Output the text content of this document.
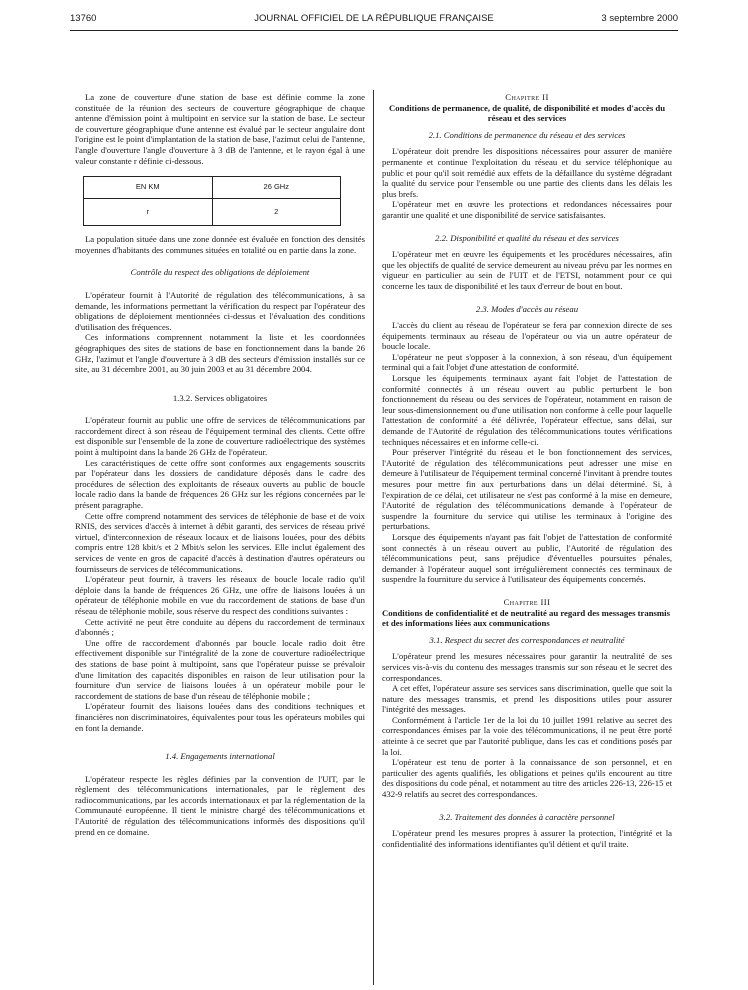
13760	JOURNAL OFFICIEL DE LA RÉPUBLIQUE FRANÇAISE	3 septembre 2000

La zone de couverture d'une station de base est définie comme la zone constituée de la réunion des secteurs de couverture géographique de chaque antenne d'émission point à multipoint en service sur la station de base. Le secteur de couverture géographique d'une antenne est évalué par le secteur angulaire dont l'origine est le point d'implantation de la station de base, l'azimut celui de l'antenne, l'angle d'ouverture l'angle d'ouverture à 3 dB de l'antenne, et le rayon égal à une valeur constante r définie ci-dessous.

EN KM	26 GHz
r	2

La population située dans une zone donnée est évaluée en fonction des densités moyennes d'habitants des communes situées en totalité ou en partie dans la zone.

Contrôle du respect des obligations de déploiement

L'opérateur fournit à l'Autorité de régulation des télécommunications, à sa demande, les informations permettant la vérification du respect par l'opérateur des obligations de déploiement mentionnées ci-dessus et l'évaluation des conditions d'utilisation des fréquences.

Ces informations comprennent notamment la liste et les coordonnées géographiques des sites de stations de base en fonctionnement dans la bande 26 GHz, l'azimut et l'angle d'ouverture à 3 dB des secteurs d'émission installés sur ce site, au 31 décembre 2001, au 30 juin 2003 et au 31 décembre 2004.

1.3.2. Services obligatoires

L'opérateur fournit au public une offre de services de télécommunications par raccordement direct à son réseau de l'équipement terminal des clients. Cette offre est disponible sur l'ensemble de la zone de couverture radioélectrique des systèmes point à multipoint dans la bande 26 GHz de l'opérateur.

Les caractéristiques de cette offre sont conformes aux engagements souscrits par l'opérateur dans les dossiers de candidature déposés dans le cadre des procédures de sélection des exploitants de réseaux ouverts au public de boucle locale radio dans la bande de fréquences 26 GHz sur les régions concernées par le présent paragraphe.

Cette offre comprend notamment des services de téléphonie de base et de voix RNIS, des services d'accès à internet à débit garanti, des services de réseau privé virtuel, d'interconnexion de réseaux locaux et de liaisons louées, pour des débits compris entre 128 kbit/s et 2 Mbit/s selon les services. Elle inclut également des services de vente en gros de capacité d'accès à destination d'autres opérateurs ou fournisseurs de services de télécommunications.

L'opérateur peut fournir, à travers les réseaux de boucle locale radio qu'il déploie dans la bande de fréquences 26 GHz, une offre de liaisons louées à un opérateur de téléphonie mobile en vue du raccordement de stations de base d'un réseau de téléphonie mobile, sous réserve du respect des conditions suivantes :

Cette activité ne peut être conduite au dépens du raccordement de terminaux d'abonnés ;

Une offre de raccordement d'abonnés par boucle locale radio doit être effectivement disponible sur l'intégralité de la zone de couverture radioélectrique des stations de base point à multipoint, sans que l'opérateur puisse se prévaloir d'une limitation des capacités disponibles en raison de leur utilisation pour la fourniture d'un service de liaisons louées à un opérateur mobile pour le raccordement de stations de base d'un réseau de téléphonie mobile ;

L'opérateur fournit des liaisons louées dans des conditions techniques et financières non discriminatoires, équivalentes pour tous les opérateurs mobiles qui en font la demande.

1.4. Engagements international

L'opérateur respecte les règles définies par la convention de l'UIT, par le règlement des télécommunications internationales, par le règlement des radiocommunications, par les accords internationaux et par la réglementation de la Communauté européenne. Il tient le ministre chargé des télécommunications et l'Autorité de régulation des télécommunications informés des dispositions qu'il prend en ce domaine.

Chapitre II

Conditions de permanence, de qualité, de disponibilité et modes d'accès du réseau et des services

2.1. Conditions de permanence du réseau et des services

L'opérateur doit prendre les dispositions nécessaires pour assurer de manière permanente et continue l'exploitation du réseau et du service téléphonique au public et pour qu'il soit remédié aux effets de la défaillance du système dégradant la qualité du service pour l'ensemble ou une partie des clients dans les délais les plus brefs.

L'opérateur met en œuvre les protections et redondances nécessaires pour garantir une qualité et une disponibilité de service satisfaisantes.

2.2. Disponibilité et qualité du réseau et des services

L'opérateur met en œuvre les équipements et les procédures nécessaires, afin que les objectifs de qualité de service demeurent au niveau prévu par les normes en vigueur en particulier au sein de l'UIT et de l'ETSI, notamment pour ce qui concerne les taux de disponibilité et les taux d'erreur de bout en bout.

2.3. Modes d'accès au réseau

L'accès du client au réseau de l'opérateur se fera par connexion directe de ses équipements terminaux au réseau de l'opérateur ou via un autre opérateur de boucle locale.

L'opérateur ne peut s'opposer à la connexion, à son réseau, d'un équipement terminal qui a fait l'objet d'une attestation de conformité.

Lorsque les équipements terminaux ayant fait l'objet de l'attestation de conformité connectés à un réseau ouvert au public perturbent le bon fonctionnement du réseau ou des services de l'opérateur, notamment en raison de leur sous-dimensionnement ou d'une utilisation non conforme à celle pour laquelle l'attestation de conformité a été délivrée, l'opérateur effectue, sans délai, sur demande de l'Autorité de régulation des télécommunications toutes vérifications techniques nécessaires et en informe celle-ci.

Pour préserver l'intégrité du réseau et le bon fonctionnement des services, l'Autorité de régulation des télécommunications peut adresser une mise en demeure à l'utilisateur de l'équipement terminal concerné l'invitant à prendre toutes mesures pour mettre fin aux perturbations dans un délai déterminé. Si, à l'expiration de ce délai, cet utilisateur ne s'est pas conformé à la mise en demeure, l'Autorité de régulation des télécommunications demande à l'opérateur de suspendre la fourniture du service qui utilise les terminaux à l'origine des perturbations.

Lorsque des équipements n'ayant pas fait l'objet de l'attestation de conformité sont connectés à un réseau ouvert au public, l'Autorité de régulation des télécommunications peut, sans préjudice d'éventuelles poursuites pénales, demander à l'opérateur auquel sont irrégulièrement connectés ces terminaux de suspendre la fourniture du service à l'utilisateur des équipements concernés.

Chapitre III

Conditions de confidentialité et de neutralité au regard des messages transmis et des informations liées aux communications

3.1. Respect du secret des correspondances et neutralité

L'opérateur prend les mesures nécessaires pour garantir la neutralité de ses services vis-à-vis du contenu des messages transmis sur son réseau et le secret des correspondances.

A cet effet, l'opérateur assure ses services sans discrimination, quelle que soit la nature des messages transmis, et prend les dispositions utiles pour assurer l'intégrité des messages.

Conformément à l'article 1er de la loi du 10 juillet 1991 relative au secret des correspondances émises par la voie des télécommunications, il ne peut être porté atteinte à ce secret que par l'autorité publique, dans les cas et conditions posés par la loi.

L'opérateur est tenu de porter à la connaissance de son personnel, et en particulier des agents qualifiés, les obligations et peines qu'ils encourent au titre des dispositions du code pénal, et notamment au titre des articles 226-13, 226-15 et 432-9 relatifs au secret des correspondances.

3.2. Traitement des données à caractère personnel

L'opérateur prend les mesures propres à assurer la protection, l'intégrité et la confidentialité des informations identifiantes qu'il détient et qu'il traite.
